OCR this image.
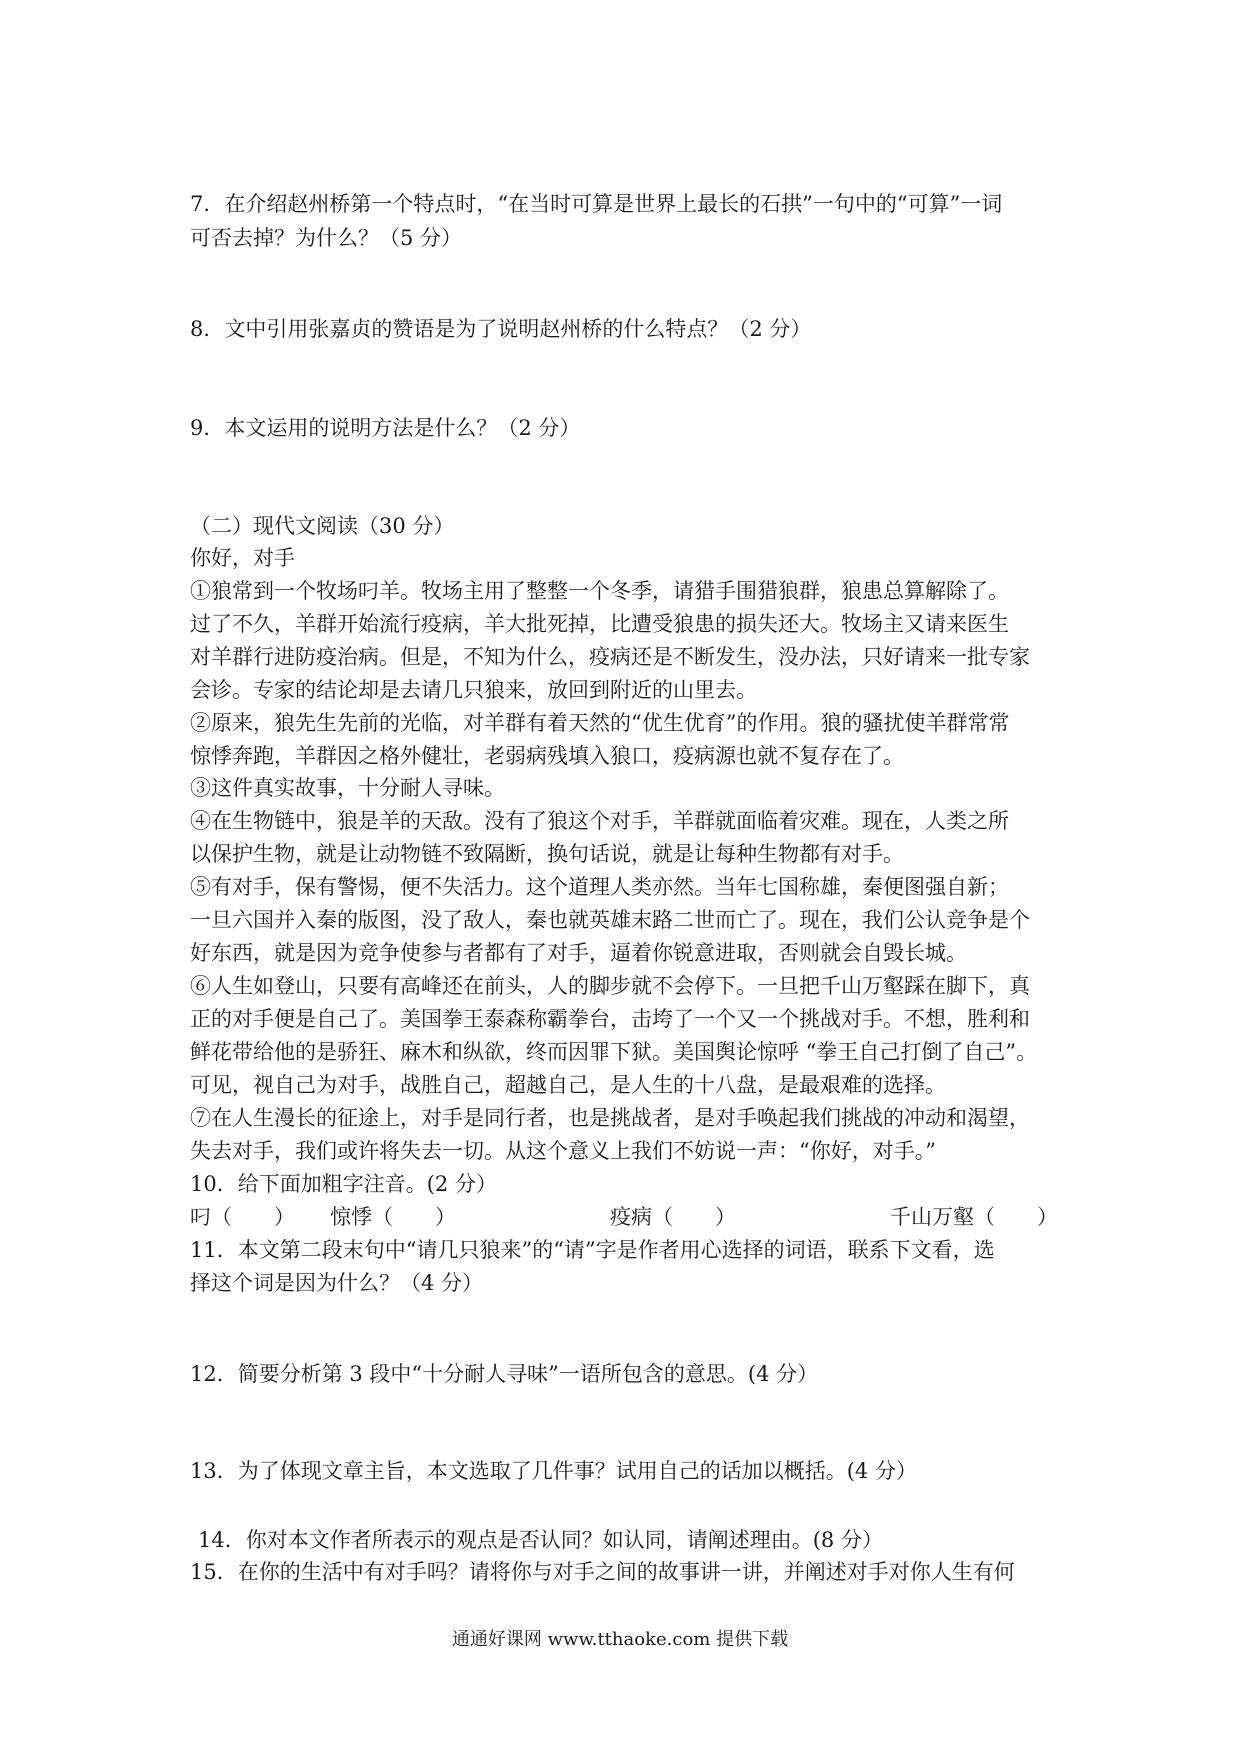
7．在介绍赵州桥第一个特点时，“在当时可算是世界上最长的石拱”一句中的“可算”一词
可否去掉？为什么？（5 分）
8．文中引用张嘉贞的赞语是为了说明赵州桥的什么特点？（2 分）
9．本文运用的说明方法是什么？（2 分）
（二）现代文阅读（30 分）
你好，对手
①狼常到一个牧场叼羊。牧场主用了整整一个冬季，请猎手围猎狼群，狼患总算解除了。
过了不久，羊群开始流行疫病，羊大批死掉，比遭受狼患的损失还大。牧场主又请来医生
对羊群行进防疫治病。但是，不知为什么，疫病还是不断发生，没办法，只好请来一批专家
会诊。专家的结论却是去请几只狼来，放回到附近的山里去。
②原来，狼先生先前的光临，对羊群有着天然的“优生优育”的作用。狼的骚扰使羊群常常
惊悸奔跑，羊群因之格外健壮，老弱病残填入狼口，疫病源也就不复存在了。
③这件真实故事，十分耐人寻味。
④在生物链中，狼是羊的天敌。没有了狼这个对手，羊群就面临着灾难。现在，人类之所
以保护生物，就是让动物链不致隔断，换句话说，就是让每种生物都有对手。
⑤有对手，保有警惕，便不失活力。这个道理人类亦然。当年七国称雄，秦便图强自新；
一旦六国并入秦的版图，没了敌人，秦也就英雄末路二世而亡了。现在，我们公认竞争是个
好东西，就是因为竞争使参与者都有了对手，逼着你锐意进取，否则就会自毁长城。
⑥人生如登山，只要有高峰还在前头，人的脚步就不会停下。一旦把千山万壑踩在脚下，真
正的对手便是自己了。美国拳王泰森称霸拳台，击垮了一个又一个挑战对手。不想，胜利和
鲜花带给他的是骄狂、麻木和纵欲，终而因罪下狱。美国舆论惊呼 “拳王自己打倒了自己”。
可见，视自己为对手，战胜自己，超越自己，是人生的十八盘，是最艰难的选择。
⑦在人生漫长的征途上，对手是同行者，也是挑战者，是对手唤起我们挑战的冲动和渴望，
失去对手，我们或许将失去一切。从这个意义上我们不妨说一声：“你好，对手。”
10．给下面加粗字注音。(2 分）
叼（　　） 惊悸（　　）	疫病（　　）	千山万壑（　　）
11．本文第二段末句中“请几只狼来”的“请”字是作者用心选择的词语，联系下文看，选
择这个词是因为什么？（4 分）
12．简要分析第 3 段中“十分耐人寻味”一语所包含的意思。(4 分）
13．为了体现文章主旨，本文选取了几件事？试用自己的话加以概括。(4 分）
14．你对本文作者所表示的观点是否认同？如认同，请阐述理由。(8 分）
15．在你的生活中有对手吗？请将你与对手之间的故事讲一讲，并阐述对手对你人生有何
通通好课网 www.tthaoke.com 提供下载
